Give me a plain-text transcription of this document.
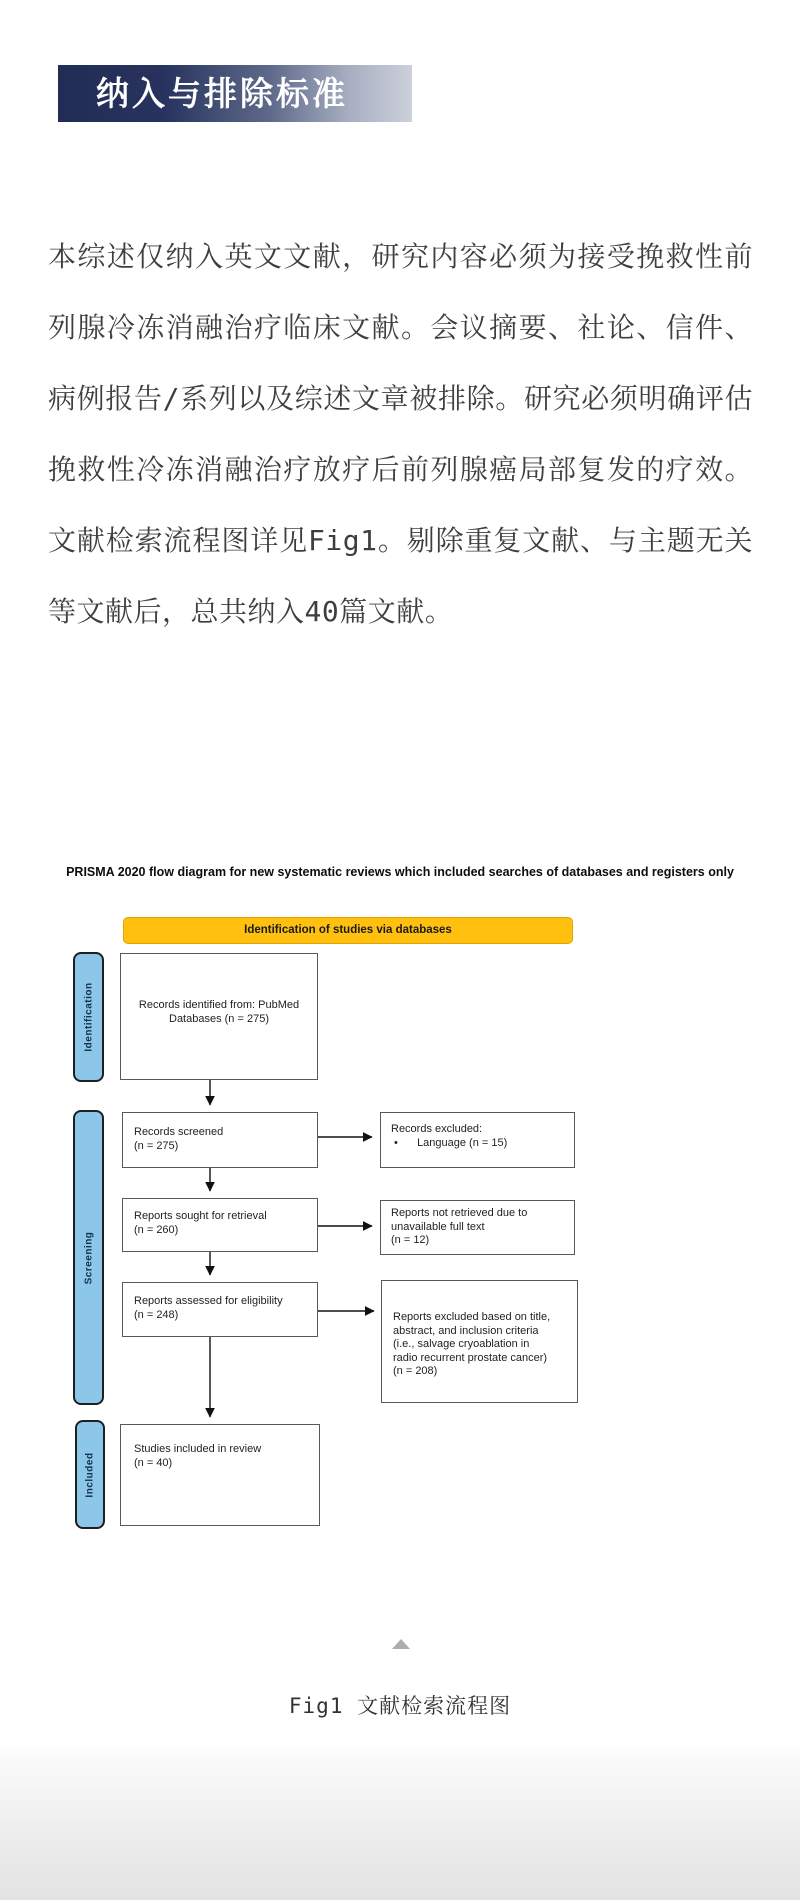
纳入与排除标准
本综述仅纳入英文文献，研究内容必须为接受挽救性前列腺冷冻消融治疗临床文献。会议摘要、社论、信件、病例报告/系列以及综述文章被排除。研究必须明确评估挽救性冷冻消融治疗放疗后前列腺癌局部复发的疗效。文献检索流程图详见Fig1。剔除重复文献、与主题无关等文献后，总共纳入40篇文献。
PRISMA 2020 flow diagram for new systematic reviews which included searches of databases and registers only
Identification of studies via databases
Identification
Screening
Included
Records identified from: PubMed
Databases (n = 275)
Records screened
(n = 275)
Records excluded:
• Language (n = 15)
Reports sought for retrieval
(n = 260)
Reports not retrieved due to
unavailable full text
(n = 12)
Reports assessed for eligibility
(n = 248)	Reports excluded based on title,
abstract, and inclusion criteria
(i.e., salvage cryoablation in
radio recurrent prostate cancer)
(n = 208)
Studies included in review
(n = 40)
Fig1 文献检索流程图
